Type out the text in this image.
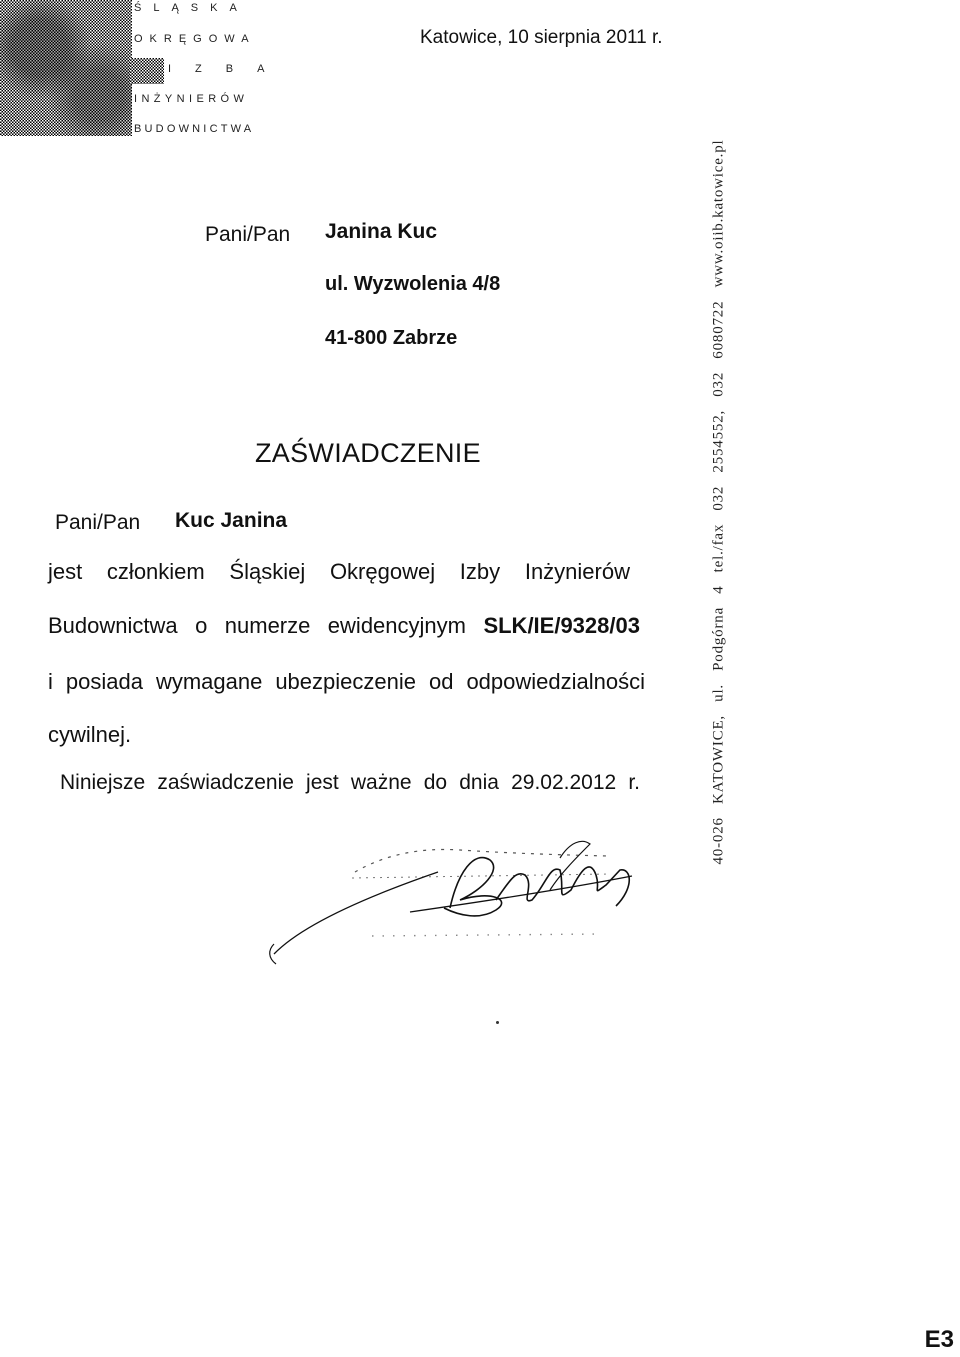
ŚLĄSKA
OKRĘGOWA
IZBA
INŻYNIERÓW
BUDOWNICTWA
Katowice, 10 sierpnia 2011 r.
Pani/Pan Janina Kuc
ul. Wyzwolenia 4/8
41-800 Zabrze
ZAŚWIADCZENIE
Pani/Pan Kuc Janina
jest członkiem Śląskiej Okręgowej Izby Inżynierów
Budownictwa o numerze ewidencyjnym SLK/IE/9328/03
i posiada wymagane ubezpieczenie od odpowiedzialności
cywilnej.
Niniejsze zaświadczenie jest ważne do dnia 29.02.2012 r.	40-026 KATOWICE, ul. Podgórna 4 tel./fax 032 2554552, 032 6080722 www.oiib.katowice.pl
E3
